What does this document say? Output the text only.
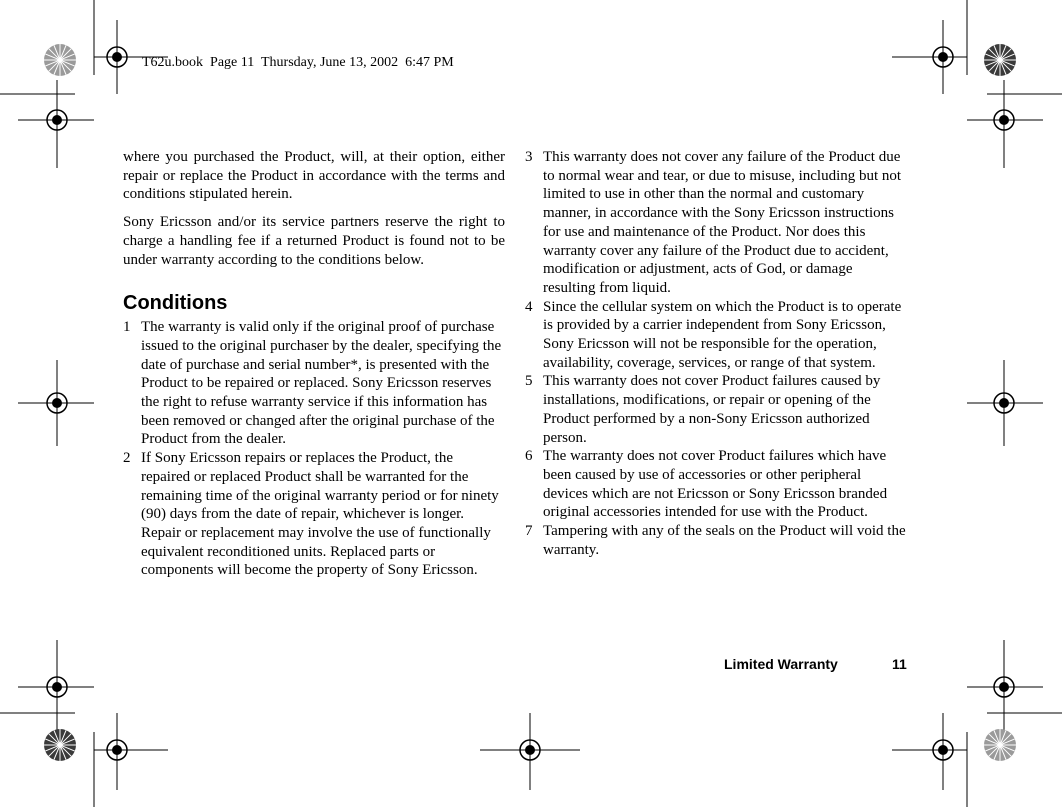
T62u.book  Page 11  Thursday, June 13, 2002  6:47 PM

where you purchased the Product, will, at their option, either repair or replace the Product in accordance with the terms and conditions stipulated herein.

Sony Ericsson and/or its service partners reserve the right to charge a handling fee if a returned Product is found not to be under warranty according to the conditions below.

Conditions
1 The warranty is valid only if the original proof of purchase issued to the original purchaser by the dealer, specifying the date of purchase and serial number*, is presented with the Product to be repaired or replaced. Sony Ericsson reserves the right to refuse warranty service if this information has been removed or changed after the original purchase of the Product from the dealer.
2 If Sony Ericsson repairs or replaces the Product, the repaired or replaced Product shall be warranted for the remaining time of the original warranty period or for ninety (90) days from the date of repair, whichever is longer. Repair or replacement may involve the use of functionally equivalent reconditioned units. Replaced parts or components will become the property of Sony Ericsson.
3 This warranty does not cover any failure of the Product due to normal wear and tear, or due to misuse, including but not limited to use in other than the normal and customary manner, in accordance with the Sony Ericsson instructions for use and maintenance of the Product. Nor does this warranty cover any failure of the Product due to accident, modification or adjustment, acts of God, or damage resulting from liquid.
4 Since the cellular system on which the Product is to operate is provided by a carrier independent from Sony Ericsson, Sony Ericsson will not be responsible for the operation, availability, coverage, services, or range of that system.
5 This warranty does not cover Product failures caused by installations, modifications, or repair or opening of the Product performed by a non-Sony Ericsson authorized person.
6 The warranty does not cover Product failures which have been caused by use of accessories or other peripheral devices which are not Ericsson or Sony Ericsson branded original accessories intended for use with the Product.
7 Tampering with any of the seals on the Product will void the warranty.
Limited Warranty	11
